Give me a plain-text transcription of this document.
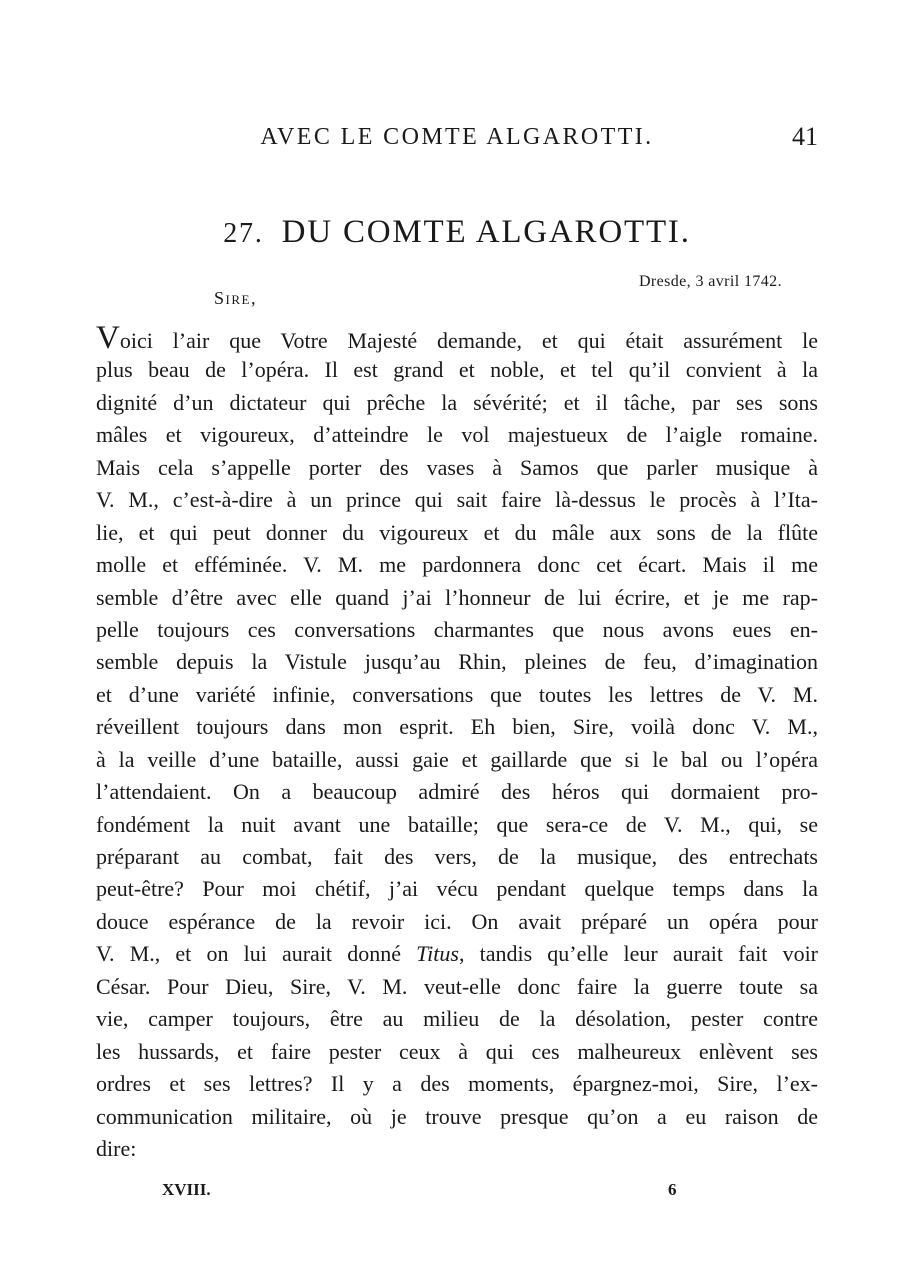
AVEC LE COMTE ALGAROTTI.	41
27. DU COMTE ALGAROTTI.
Dresde, 3 avril 1742.
Sire,
Voici l’air que Votre Majesté demande, et qui était assurément le
plus beau de l’opéra. Il est grand et noble, et tel qu’il convient à la
dignité d’un dictateur qui prêche la sévérité; et il tâche, par ses sons
mâles et vigoureux, d’atteindre le vol majestueux de l’aigle romaine.
Mais cela s’appelle porter des vases à Samos que parler musique à
V. M., c’est-à-dire à un prince qui sait faire là-dessus le procès à l’Ita-
lie, et qui peut donner du vigoureux et du mâle aux sons de la flûte
molle et efféminée. V. M. me pardonnera donc cet écart. Mais il me
semble d’être avec elle quand j’ai l’honneur de lui écrire, et je me rap-
pelle toujours ces conversations charmantes que nous avons eues en-
semble depuis la Vistule jusqu’au Rhin, pleines de feu, d’imagination
et d’une variété infinie, conversations que toutes les lettres de V. M.
réveillent toujours dans mon esprit. Eh bien, Sire, voilà donc V. M.,
à la veille d’une bataille, aussi gaie et gaillarde que si le bal ou l’opéra
l’attendaient. On a beaucoup admiré des héros qui dormaient pro-
fondément la nuit avant une bataille; que sera-ce de V. M., qui, se
préparant au combat, fait des vers, de la musique, des entrechats
peut-être? Pour moi chétif, j’ai vécu pendant quelque temps dans la
douce espérance de la revoir ici. On avait préparé un opéra pour
V. M., et on lui aurait donné Titus, tandis qu’elle leur aurait fait voir
César. Pour Dieu, Sire, V. M. veut-elle donc faire la guerre toute sa
vie, camper toujours, être au milieu de la désolation, pester contre
les hussards, et faire pester ceux à qui ces malheureux enlèvent ses
ordres et ses lettres? Il y a des moments, épargnez-moi, Sire, l’ex-
communication militaire, où je trouve presque qu’on a eu raison de
dire:
XVIII.	6
